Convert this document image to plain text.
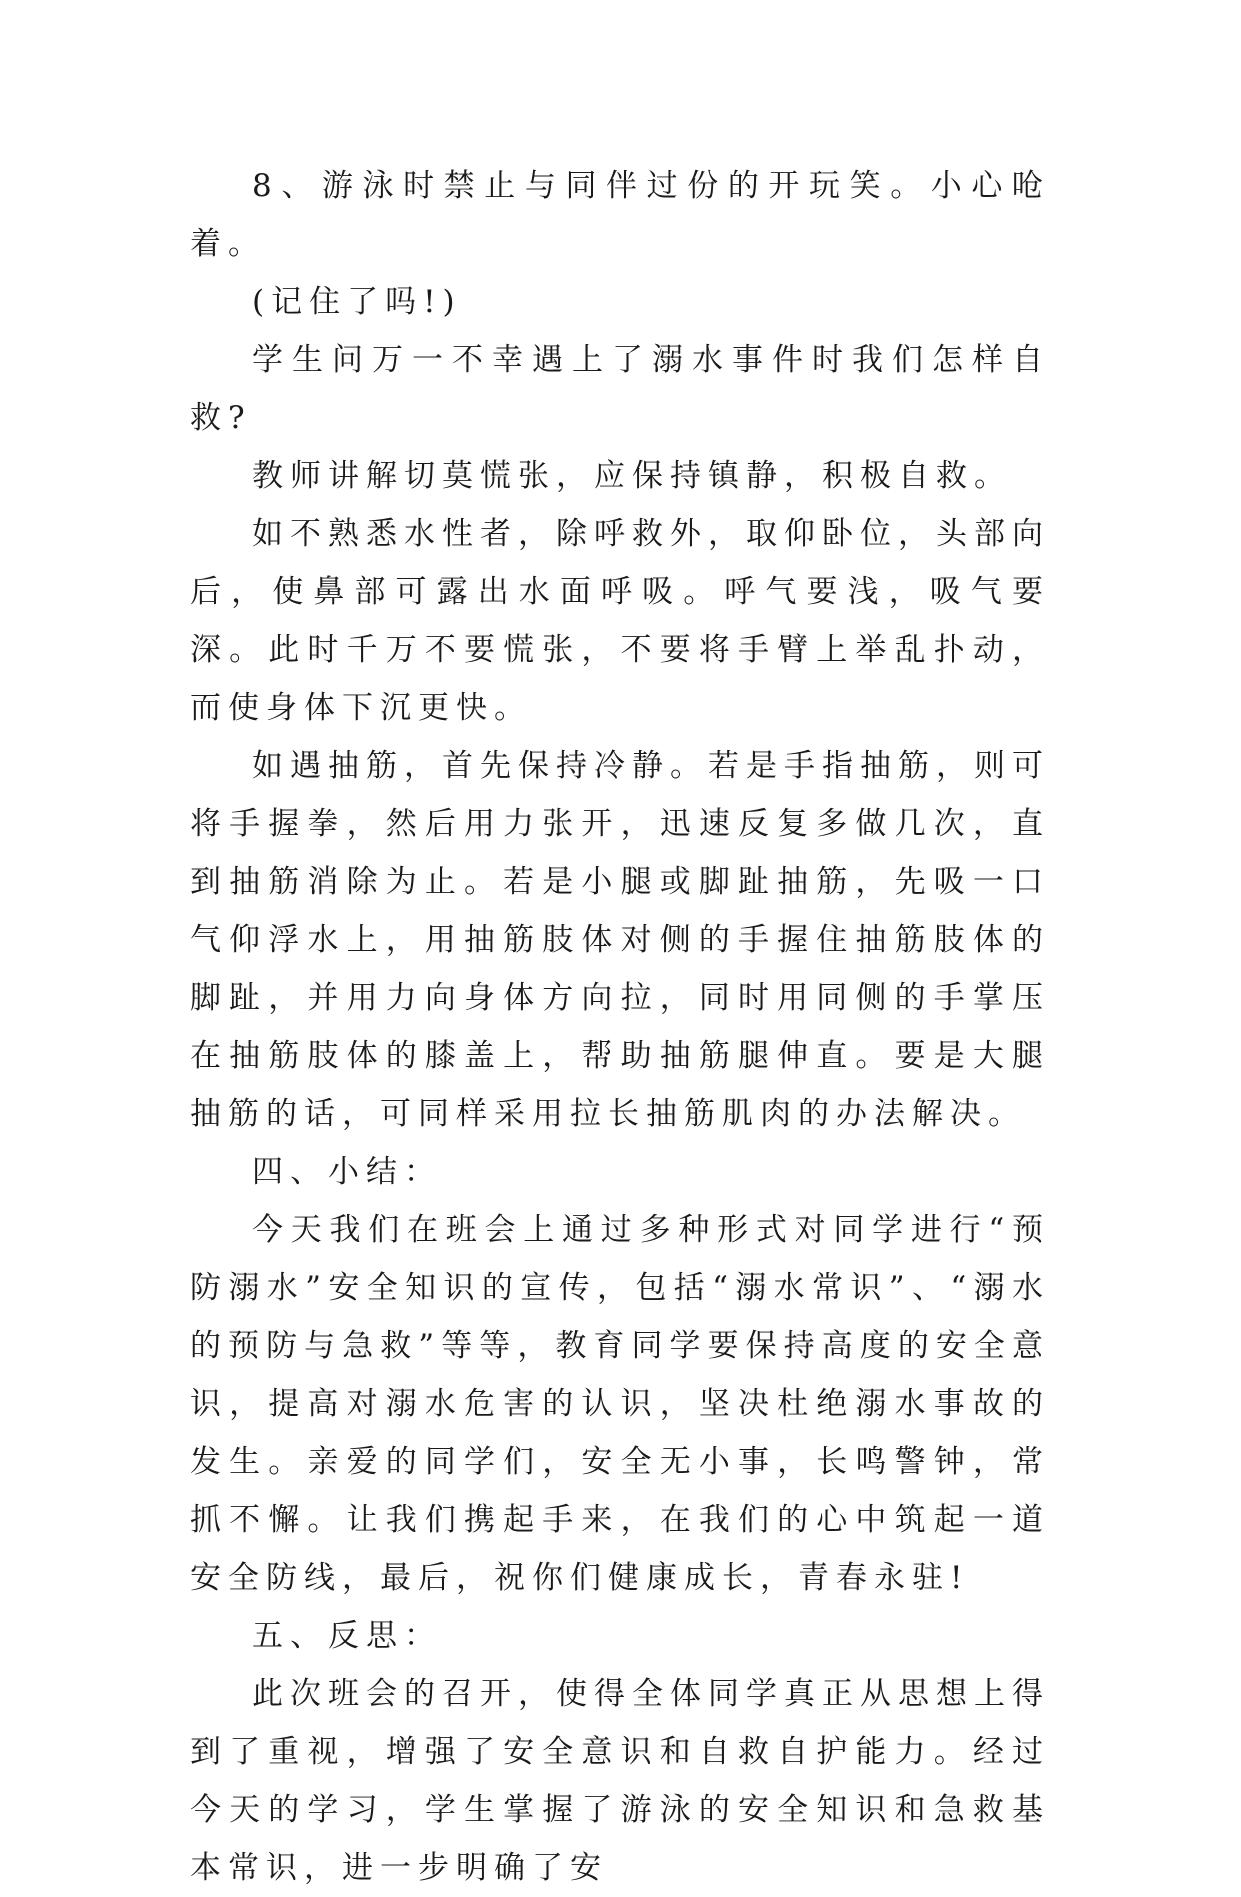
8、游泳时禁止与同伴过份的开玩笑。小心呛着。

(记住了吗!)

学生问万一不幸遇上了溺水事件时我们怎样自救?

教师讲解切莫慌张，应保持镇静，积极自救。

如不熟悉水性者，除呼救外，取仰卧位，头部向后，使鼻部可露出水面呼吸。呼气要浅，吸气要深。此时千万不要慌张，不要将手臂上举乱扑动，而使身体下沉更快。

如遇抽筋，首先保持冷静。若是手指抽筋，则可将手握拳，然后用力张开，迅速反复多做几次，直到抽筋消除为止。若是小腿或脚趾抽筋，先吸一口气仰浮水上，用抽筋肢体对侧的手握住抽筋肢体的脚趾，并用力向身体方向拉，同时用同侧的手掌压在抽筋肢体的膝盖上，帮助抽筋腿伸直。要是大腿抽筋的话，可同样采用拉长抽筋肌肉的办法解决。

四、小结：

今天我们在班会上通过多种形式对同学进行“预防溺水”安全知识的宣传，包括“溺水常识”、“溺水的预防与急救”等等，教育同学要保持高度的安全意识，提高对溺水危害的认识，坚决杜绝溺水事故的发生。亲爱的同学们，安全无小事，长鸣警钟，常抓不懈。让我们携起手来，在我们的心中筑起一道安全防线，最后，祝你们健康成长，青春永驻!

五、反思：

此次班会的召开，使得全体同学真正从思想上得到了重视，增强了安全意识和自救自护能力。经过今天的学习，学生掌握了游泳的安全知识和急救基本常识，进一步明确了安
